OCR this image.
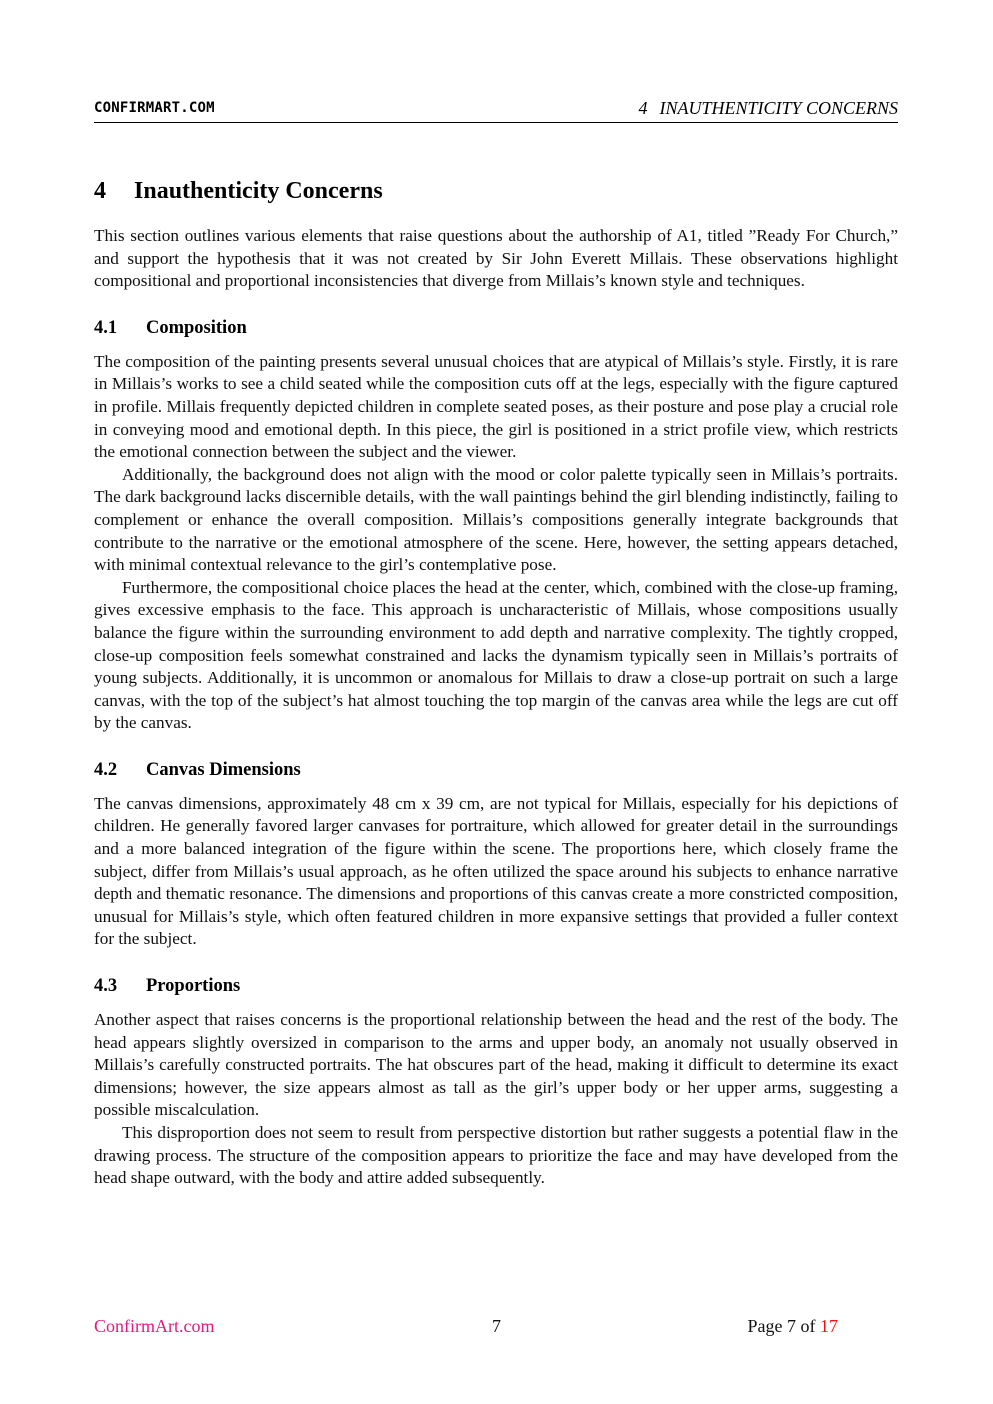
CONFIRMART.COM	4 INAUTHENTICITY CONCERNS
4 Inauthenticity Concerns

This section outlines various elements that raise questions about the authorship of A1, titled ”Ready For Church,” and support the hypothesis that it was not created by Sir John Everett Millais. These observations highlight compositional and proportional inconsistencies that diverge from Millais’s known style and techniques.

4.1 Composition

The composition of the painting presents several unusual choices that are atypical of Millais’s style. Firstly, it is rare in Millais’s works to see a child seated while the composition cuts off at the legs, especially with the figure captured in profile. Millais frequently depicted children in complete seated poses, as their posture and pose play a crucial role in conveying mood and emotional depth. In this piece, the girl is positioned in a strict profile view, which restricts the emotional connection between the subject and the viewer.

Additionally, the background does not align with the mood or color palette typically seen in Millais’s portraits. The dark background lacks discernible details, with the wall paintings behind the girl blending indistinctly, failing to complement or enhance the overall composition. Millais’s compositions generally integrate backgrounds that contribute to the narrative or the emotional atmosphere of the scene. Here, however, the setting appears detached, with minimal contextual relevance to the girl’s contemplative pose.

Furthermore, the compositional choice places the head at the center, which, combined with the close-up framing, gives excessive emphasis to the face. This approach is uncharacteristic of Millais, whose compositions usually balance the figure within the surrounding environment to add depth and narrative complexity. The tightly cropped, close-up composition feels somewhat constrained and lacks the dynamism typically seen in Millais’s portraits of young subjects. Additionally, it is uncommon or anomalous for Millais to draw a close-up portrait on such a large canvas, with the top of the subject’s hat almost touching the top margin of the canvas area while the legs are cut off by the canvas.

4.2 Canvas Dimensions

The canvas dimensions, approximately 48 cm x 39 cm, are not typical for Millais, especially for his depictions of children. He generally favored larger canvases for portraiture, which allowed for greater detail in the surroundings and a more balanced integration of the figure within the scene. The proportions here, which closely frame the subject, differ from Millais’s usual approach, as he often utilized the space around his subjects to enhance narrative depth and thematic resonance. The dimensions and proportions of this canvas create a more constricted composition, unusual for Millais’s style, which often featured children in more expansive settings that provided a fuller context for the subject.

4.3 Proportions

Another aspect that raises concerns is the proportional relationship between the head and the rest of the body. The head appears slightly oversized in comparison to the arms and upper body, an anomaly not usually observed in Millais’s carefully constructed portraits. The hat obscures part of the head, making it difficult to determine its exact dimensions; however, the size appears almost as tall as the girl’s upper body or her upper arms, suggesting a possible miscalculation.

This disproportion does not seem to result from perspective distortion but rather suggests a potential flaw in the drawing process. The structure of the composition appears to prioritize the face and may have developed from the head shape outward, with the body and attire added subsequently.

ConfirmArt.com	7	Page 7 of 17
